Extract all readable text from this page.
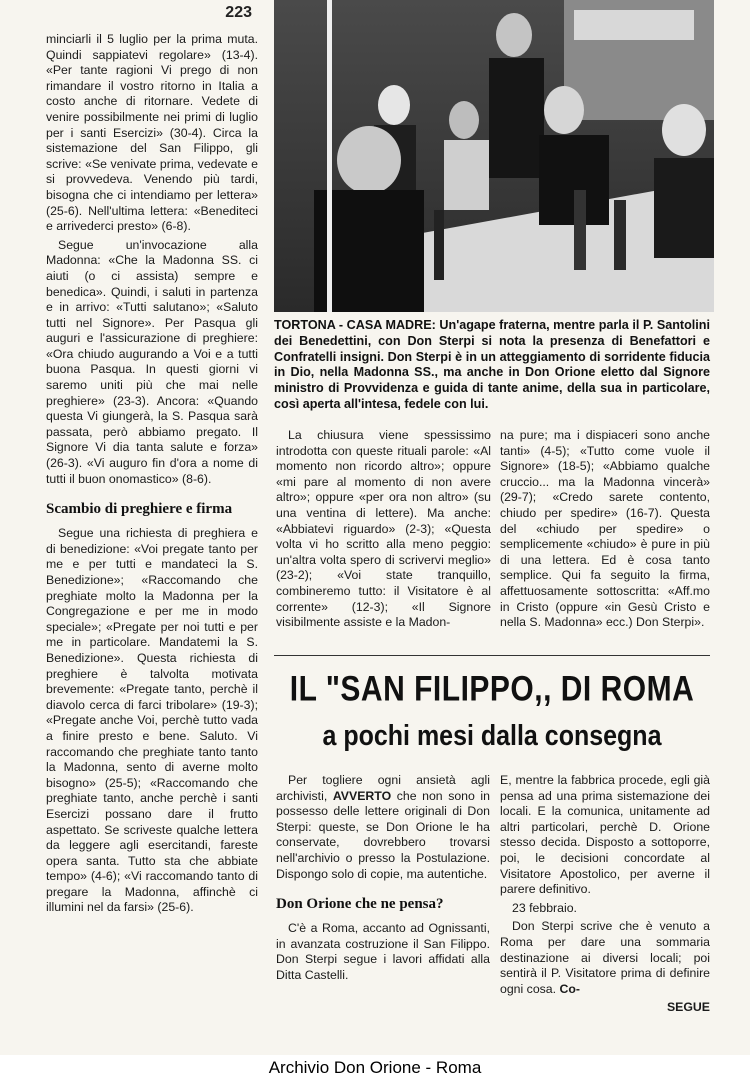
223

minciarli il 5 luglio per la prima muta. Quindi sappiatevi regolare» (13-4). «Per tante ragioni Vi prego di non rimandare il vostro ritorno in Italia a costo anche di ritornare. Vedete di venire possibilmente nei primi di luglio per i santi Esercizi» (30-4). Circa la sistemazione del San Filippo, gli scrive: «Se venivate prima, vedevate e si provvedeva. Venendo più tardi, bisogna che ci intendiamo per lettera» (25-6). Nell'ultima lettera: «Benediteci e arrivederci presto» (6-8).

Segue un'invocazione alla Madonna: «Che la Madonna SS. ci aiuti (o ci assista) sempre e benedica». Quindi, i saluti in partenza e in arrivo: «Tutti salutano»; «Saluto tutti nel Signore». Per Pasqua gli auguri e l'assicurazione di preghiere: «Ora chiudo augurando a Voi e a tutti buona Pasqua. In questi giorni vi saremo uniti più che mai nelle preghiere» (23-3). Ancora: «Quando questa Vi giungerà, la S. Pasqua sarà passata, però abbiamo pregato. Il Signore Vi dia tanta salute e forza» (26-3). «Vi auguro fin d'ora a nome di tutti il buon onomastico» (8-6).

Scambio di preghiere e firma

Segue una richiesta di preghiera e di benedizione: «Voi pregate tanto per me e per tutti e mandateci la S. Benedizione»; «Raccomando che preghiate molto la Madonna per la Congregazione e per me in modo speciale»; «Pregate per noi tutti e per me in particolare. Mandatemi la S. Benedizione». Questa richiesta di preghiere è talvolta motivata brevemente: «Pregate tanto, perchè il diavolo cerca di farci tribolare» (19-3); «Pregate anche Voi, perchè tutto vada a finire presto e bene. Saluto. Vi raccomando che preghiate tanto tanto la Madonna, sento di averne molto bisogno» (25-5); «Raccomando che preghiate tanto, anche perchè i santi Esercizi possano dare il frutto aspettato. Se scriveste qualche lettera da leggere agli esercitandi, fareste opera santa. Tutto sta che abbiate tempo» (4-6); «Vi raccomando tanto di pregare la Madonna, affinchè ci illumini nel da farsi» (25-6).

TORTONA - CASA MADRE: Un'agape fraterna, mentre parla il P. Santolini dei Benedettini, con Don Sterpi si nota la presenza di Benefattori e Confratelli insigni. Don Sterpi è in un atteggiamento di sorridente fiducia in Dio, nella Madonna SS., ma anche in Don Orione eletto dal Signore ministro di Provvidenza e guida di tante anime, della sua in particolare, così aperta all'intesa, fedele con lui.

La chiusura viene spessissimo introdotta con queste rituali parole: «Al momento non ricordo altro»; oppure «mi pare al momento di non avere altro»; oppure «per ora non altro» (su una ventina di lettere). Ma anche: «Abbiatevi riguardo» (2-3); «Questa volta vi ho scritto alla meno peggio: un'altra volta spero di scrivervi meglio» (23-2); «Voi state tranquillo, combineremo tutto: il Visitatore è al corrente» (12-3); «Il Signore visibilmente assiste e la Madon-

na pure; ma i dispiaceri sono anche tanti» (4-5); «Tutto come vuole il Signore» (18-5); «Abbiamo qualche cruccio... ma la Madonna vincerà» (29-7); «Credo sarete contento, chiudo per spedire» (16-7). Questa del «chiudo per spedire» o semplicemente «chiudo» è pure in più di una lettera. Ed è cosa tanto semplice. Qui fa seguito la firma, affettuosamente sottoscritta: «Aff.mo in Cristo (oppure «in Gesù Cristo e nella S. Madonna» ecc.) Don Sterpi».

IL "SAN FILIPPO,, DI ROMA
a pochi mesi dalla consegna

Per togliere ogni ansietà agli archivisti, AVVERTO che non sono in possesso delle lettere originali di Don Sterpi: queste, se Don Orione le ha conservate, dovrebbero trovarsi nell'archivio o presso la Postulazione. Dispongo solo di copie, ma autentiche.

Don Orione che ne pensa?

C'è a Roma, accanto ad Ognissanti, in avanzata costruzione il San Filippo. Don Sterpi segue i lavori affidati alla Ditta Castelli.

E, mentre la fabbrica procede, egli già pensa ad una prima sistemazione dei locali. E la comunica, unitamente ad altri particolari, perchè D. Orione stesso decida. Disposto a sottoporre, poi, le decisioni concordate al Visitatore Apostolico, per averne il parere definitivo.

23 febbraio.

Don Sterpi scrive che è venuto a Roma per dare una sommaria destinazione ai diversi locali; poi sentirà il P. Visitatore prima di definire ogni cosa. Co-

SEGUE
Archivio Don Orione - Roma
